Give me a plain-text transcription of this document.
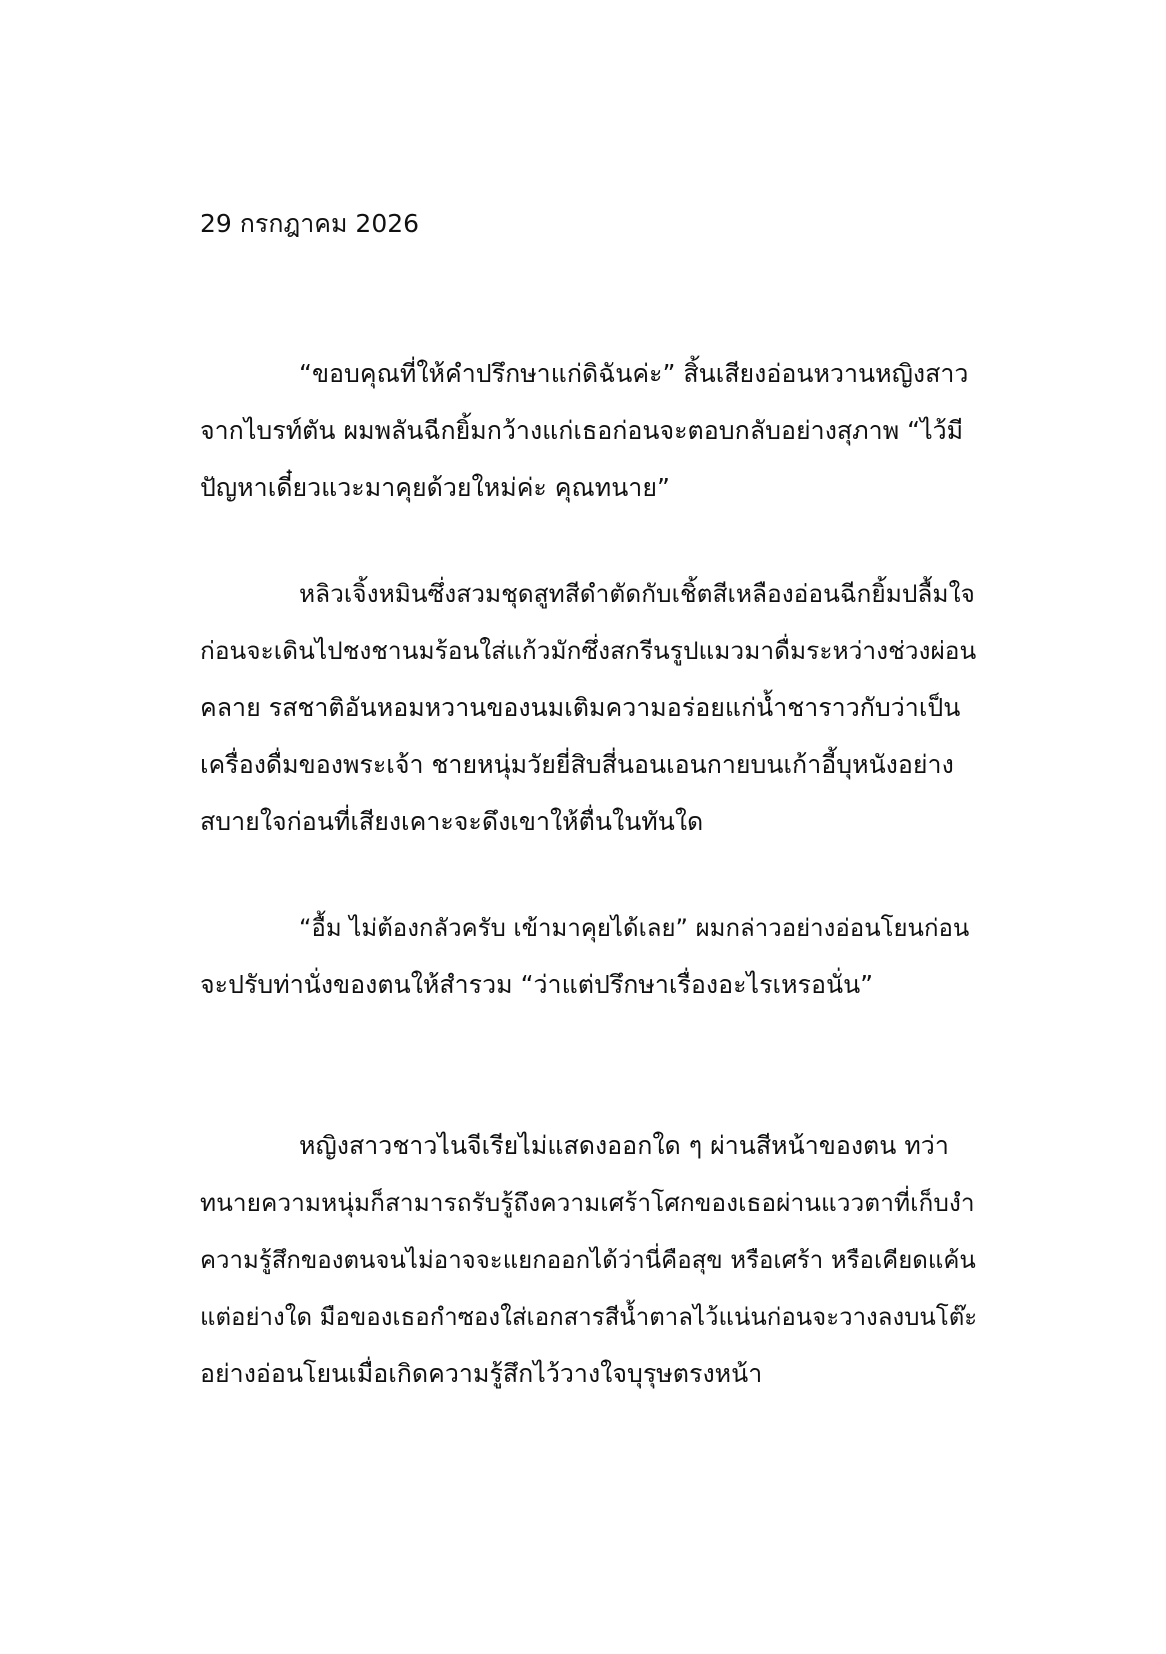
29 กรกฎาคม 2026
“ขอบคุณที่ให้คำปรึกษาแก่ดิฉันค่ะ” สิ้นเสียงอ่อนหวานหญิงสาว
จากไบรท์ตัน ผมพลันฉีกยิ้มกว้างแก่เธอก่อนจะตอบกลับอย่างสุภาพ “ไว้มี
ปัญหาเดี๋ยวแวะมาคุยด้วยใหม่ค่ะ คุณทนาย”
หลิวเจิ้งหมินซึ่งสวมชุดสูทสีดำตัดกับเชิ้ตสีเหลืองอ่อนฉีกยิ้มปลื้มใจ
ก่อนจะเดินไปชงชานมร้อนใส่แก้วมักซึ่งสกรีนรูปแมวมาดื่มระหว่างช่วงผ่อน
คลาย รสชาติอันหอมหวานของนมเติมความอร่อยแก่น้ำชาราวกับว่าเป็น
เครื่องดื่มของพระเจ้า ชายหนุ่มวัยยี่สิบสี่นอนเอนกายบนเก้าอี้บุหนังอย่าง
สบายใจก่อนที่เสียงเคาะจะดึงเขาให้ตื่นในทันใด
“อื้ม ไม่ต้องกลัวครับ เข้ามาคุยได้เลย” ผมกล่าวอย่างอ่อนโยนก่อน
จะปรับท่านั่งของตนให้สำรวม “ว่าแต่ปรึกษาเรื่องอะไรเหรอนั่น”
หญิงสาวชาวไนจีเรียไม่แสดงออกใด ๆ ผ่านสีหน้าของตน ทว่า
ทนายความหนุ่มก็สามารถรับรู้ถึงความเศร้าโศกของเธอผ่านแววตาที่เก็บงำ
ความรู้สึกของตนจนไม่อาจจะแยกออกได้ว่านี่คือสุข หรือเศร้า หรือเคียดแค้น
แต่อย่างใด มือของเธอกำซองใส่เอกสารสีน้ำตาลไว้แน่นก่อนจะวางลงบนโต๊ะ
อย่างอ่อนโยนเมื่อเกิดความรู้สึกไว้วางใจบุรุษตรงหน้า
